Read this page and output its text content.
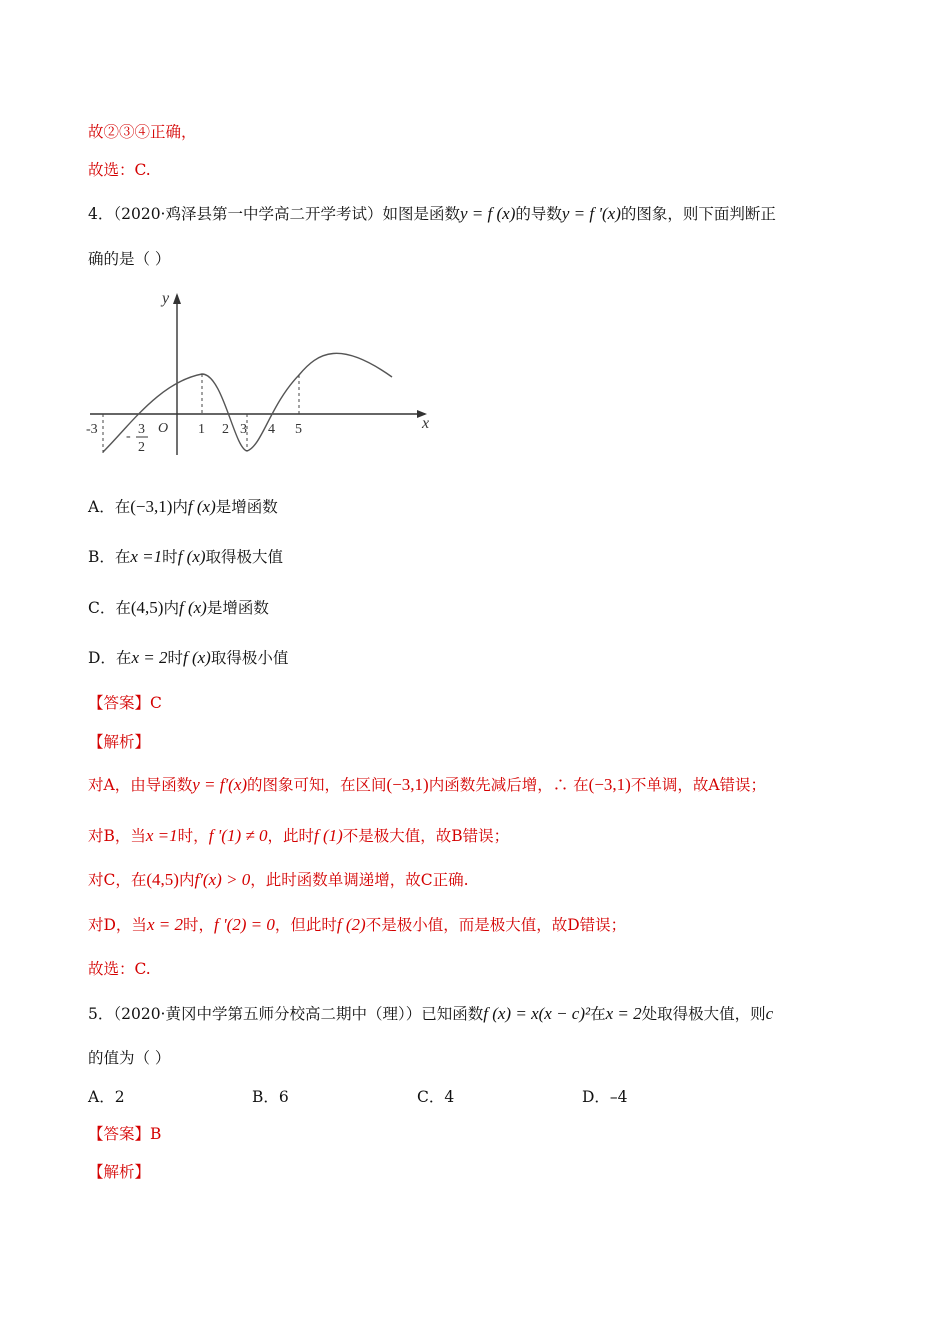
故②③④正确，
故选：C.
4．（2020·鸡泽县第一中学高二开学考试）如图是函数y = f (x)的导数y = f '(x)的图象，则下面判断正
确的是（ ）
y
x
O
-3 - 3
2
1 2 3 4 5
A．在(−3,1)内f (x)是增函数
B．在x =1时f (x)取得极大值
C．在(4,5)内f (x)是增函数
D．在x = 2时f (x)取得极小值
【答案】C
【解析】
对A，由导函数y = f′(x)的图象可知，在区间(−3,1)内函数先减后增，∴ 在(−3,1)不单调，故A错误；
对B，当x =1时，f '(1) ≠ 0，此时f (1)不是极大值，故B错误；
对C，在(4,5)内f′(x) > 0，此时函数单调递增，故C正确.
对D，当x = 2时，f '(2) = 0，但此时f (2)不是极小值，而是极大值，故D错误；
故选：C.
5．（2020·黄冈中学第五师分校高二期中（理））已知函数f (x) = x(x − c)²在x = 2处取得极大值，则c
的值为（ ）
A．2	B．6	C．4	D．–4
【答案】B
【解析】
